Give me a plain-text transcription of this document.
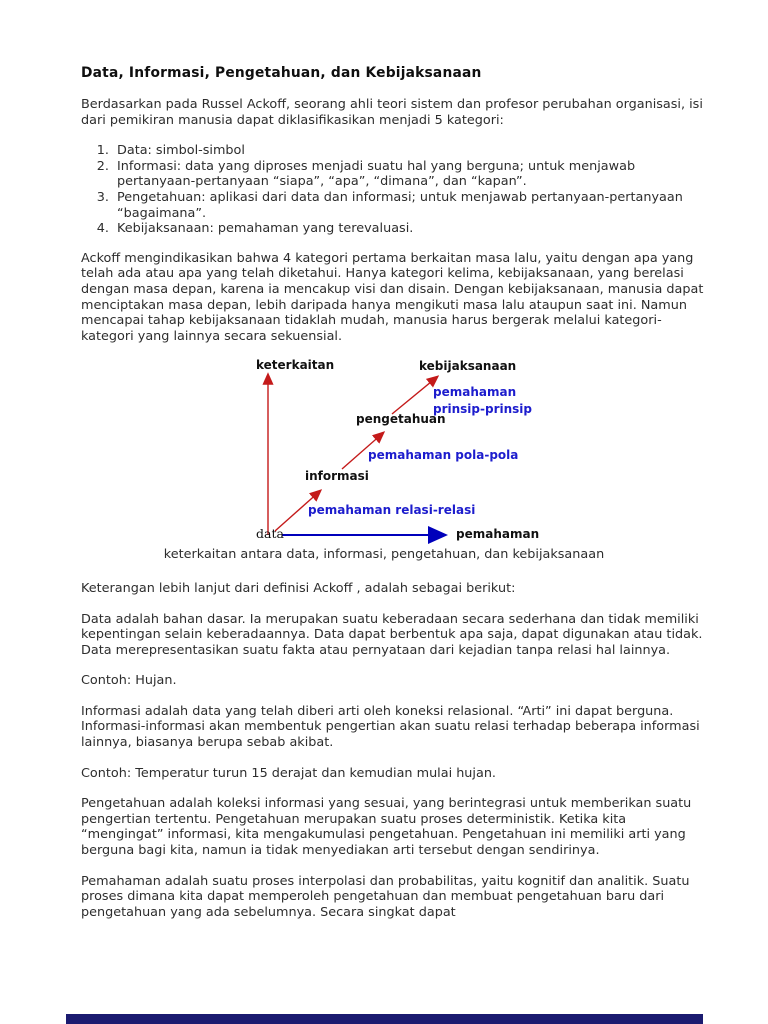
Data, Informasi, Pengetahuan, dan Kebijaksanaan

Berdasarkan pada Russel Ackoff, seorang ahli teori sistem dan profesor perubahan organisasi, isi dari pemikiran manusia dapat diklasifikasikan menjadi 5 kategori:

1. Data: simbol-simbol
2. Informasi: data yang diproses menjadi suatu hal yang berguna; untuk menjawab pertanyaan-pertanyaan “siapa”, “apa”, “dimana”, dan “kapan”.
3. Pengetahuan: aplikasi dari data dan informasi; untuk menjawab pertanyaan-pertanyaan “bagaimana”.
4. Kebijaksanaan: pemahaman yang terevaluasi.

Ackoff mengindikasikan bahwa 4 kategori pertama berkaitan masa lalu, yaitu dengan apa yang telah ada atau apa yang telah diketahui. Hanya kategori kelima, kebijaksanaan, yang berelasi dengan masa depan, karena ia mencakup visi dan disain. Dengan kebijaksanaan, manusia dapat menciptakan masa depan, lebih daripada hanya mengikuti masa lalu ataupun saat ini. Namun mencapai tahap kebijaksanaan tidaklah mudah, manusia harus bergerak melalui kategori-kategori yang lainnya secara sekuensial.

keterkaitan	kebijaksanaan
pemahaman
prinsip-prinsip
pengetahuan
pemahaman pola-pola
informasi
pemahaman relasi-relasi
data	pemahaman

keterkaitan antara data, informasi, pengetahuan, dan kebijaksanaan

Keterangan lebih lanjut dari definisi Ackoff , adalah sebagai berikut:

Data adalah bahan dasar. Ia merupakan suatu keberadaan secara sederhana dan tidak memiliki kepentingan selain keberadaannya. Data dapat berbentuk apa saja, dapat digunakan atau tidak. Data merepresentasikan suatu fakta atau pernyataan dari kejadian tanpa relasi hal lainnya.

Contoh: Hujan.

Informasi adalah data yang telah diberi arti oleh koneksi relasional. “Arti” ini dapat berguna. Informasi-informasi akan membentuk pengertian akan suatu relasi terhadap beberapa informasi lainnya, biasanya berupa sebab akibat.

Contoh: Temperatur turun 15 derajat dan kemudian mulai hujan.

Pengetahuan adalah koleksi informasi yang sesuai, yang berintegrasi untuk memberikan suatu pengertian tertentu. Pengetahuan merupakan suatu proses deterministik. Ketika kita “mengingat” informasi, kita mengakumulasi pengetahuan. Pengetahuan ini memiliki arti yang berguna bagi kita, namun ia tidak menyediakan arti tersebut dengan sendirinya.

Pemahaman adalah suatu proses interpolasi dan probabilitas, yaitu kognitif dan analitik. Suatu proses dimana kita dapat memperoleh pengetahuan dan membuat pengetahuan baru dari pengetahuan yang ada sebelumnya. Secara singkat dapat
